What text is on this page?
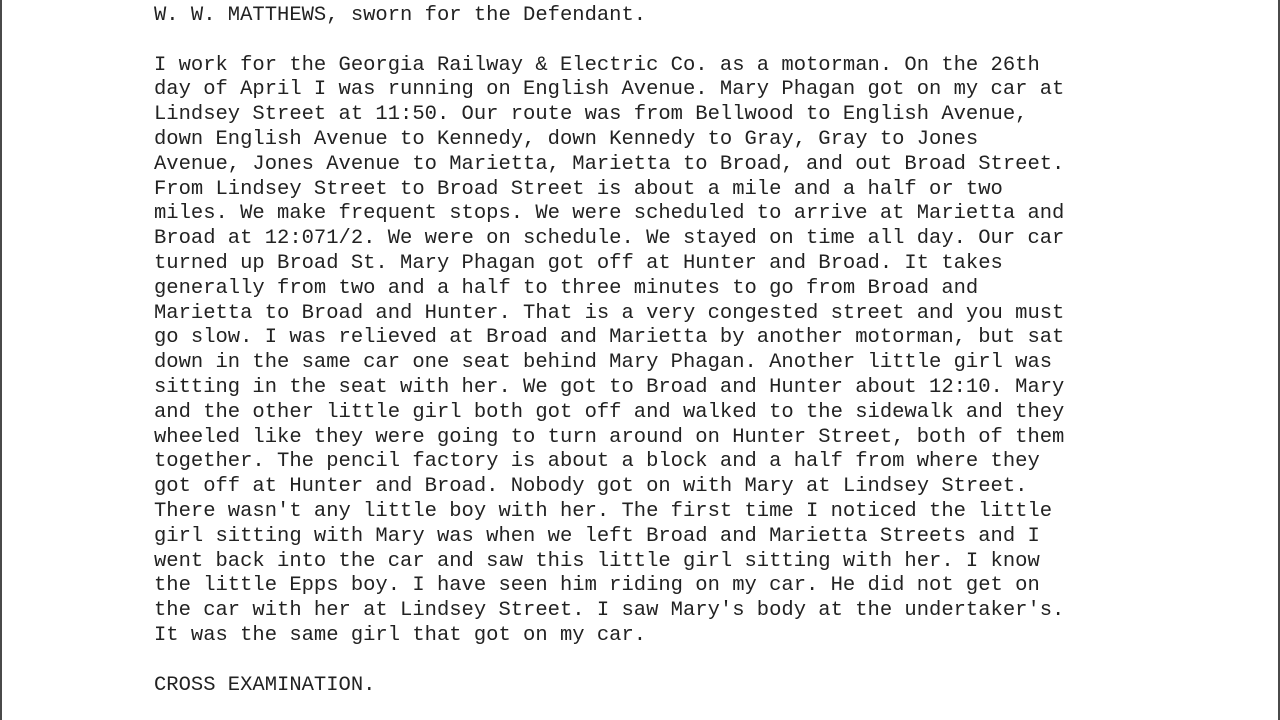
W. W. MATTHEWS, sworn for the Defendant.
I work for the Georgia Railway & Electric Co. as a motorman. On the 26th
day of April I was running on English Avenue. Mary Phagan got on my car at
Lindsey Street at 11:50. Our route was from Bellwood to English Avenue,
down English Avenue to Kennedy, down Kennedy to Gray, Gray to Jones
Avenue, Jones Avenue to Marietta, Marietta to Broad, and out Broad Street.
From Lindsey Street to Broad Street is about a mile and a half or two
miles. We make frequent stops. We were scheduled to arrive at Marietta and
Broad at 12:071/2. We were on schedule. We stayed on time all day. Our car
turned up Broad St. Mary Phagan got off at Hunter and Broad. It takes
generally from two and a half to three minutes to go from Broad and
Marietta to Broad and Hunter. That is a very congested street and you must
go slow. I was relieved at Broad and Marietta by another motorman, but sat
down in the same car one seat behind Mary Phagan. Another little girl was
sitting in the seat with her. We got to Broad and Hunter about 12:10. Mary
and the other little girl both got off and walked to the sidewalk and they
wheeled like they were going to turn around on Hunter Street, both of them
together. The pencil factory is about a block and a half from where they
got off at Hunter and Broad. Nobody got on with Mary at Lindsey Street.
There wasn't any little boy with her. The first time I noticed the little
girl sitting with Mary was when we left Broad and Marietta Streets and I
went back into the car and saw this little girl sitting with her. I know
the little Epps boy. I have seen him riding on my car. He did not get on
the car with her at Lindsey Street. I saw Mary's body at the undertaker's.
It was the same girl that got on my car.
CROSS EXAMINATION.
